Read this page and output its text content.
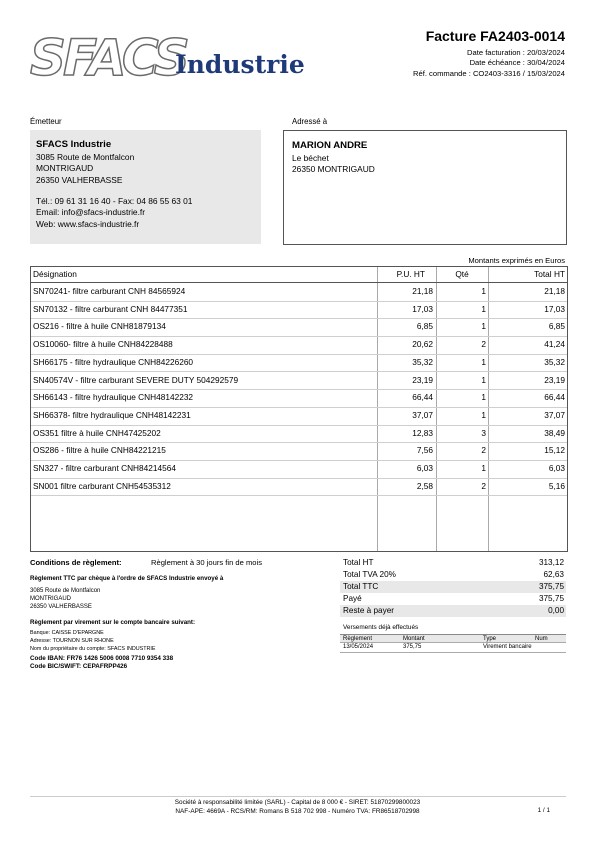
SFACS
Industrie
Facture FA2403-0014
Date facturation : 20/03/2024
Date échéance : 30/04/2024
Réf. commande : CO2403-3316 / 15/03/2024
Émetteur
SFACS Industrie
3085 Route de Montfalcon
MONTRIGAUD
26350 VALHERBASSE
Tél.: 09 61 31 16 40 - Fax: 04 86 55 63 01
Email: info@sfacs-industrie.fr
Web: www.sfacs-industrie.fr
Adressé à
MARION ANDRE
Le béchet
26350 MONTRIGAUD
Montants exprimés en Euros
Désignation	P.U. HT	Qté	Total HT
SN70241- filtre carburant CNH 84565924	21,18	1	21,18
SN70132 - filtre carburant CNH 84477351	17,03	1	17,03
OS216 - filtre à huile CNH81879134	6,85	1	6,85
OS10060- filtre à huile CNH84228488	20,62	2	41,24
SH66175 - filtre hydraulique CNH84226260	35,32	1	35,32
SN40574V - filtre carburant SEVERE DUTY 504292579	23,19	1	23,19
SH66143 - filtre hydraulique CNH48142232	66,44	1	66,44
SH66378- filtre hydraulique CNH48142231	37,07	1	37,07
OS351 filtre à huile CNH47425202	12,83	3	38,49
OS286 - filtre à huile CNH84221215	7,56	2	15,12
SN327 - filtre carburant CNH84214564	6,03	1	6,03
SN001 filtre carburant CNH54535312	2,58	2	5,16
Conditions de règlement:	Règlement à 30 jours fin de mois
Règlement TTC par chèque à l'ordre de SFACS Industrie envoyé à
3085 Route de Montfalcon
MONTRIGAUD
26350 VALHERBASSE
Règlement par virement sur le compte bancaire suivant:
Banque: CAISSE D'EPARGNE
Adresse: TOURNON SUR RHONE
Nom du propriétaire du compte: SFACS INDUSTRIE
Code IBAN: FR76 1426 5006 0008 7710 9354 338
Code BIC/SWIFT: CEPAFRPP426
Total HT	313,12
Total TVA 20%	62,63
Total TTC	375,75
Payé	375,75
Reste à payer	0,00
Versements déjà effectués
Règlement	Montant	Type	Num
13/05/2024	375,75	Virement bancaire
Société à responsabilité limitée (SARL) - Capital de 8 000 € - SIRET: 51870299800023
NAF-APE: 4669A - RCS/RM: Romans B 518 702 998 - Numéro TVA: FR86518702998	1 / 1
